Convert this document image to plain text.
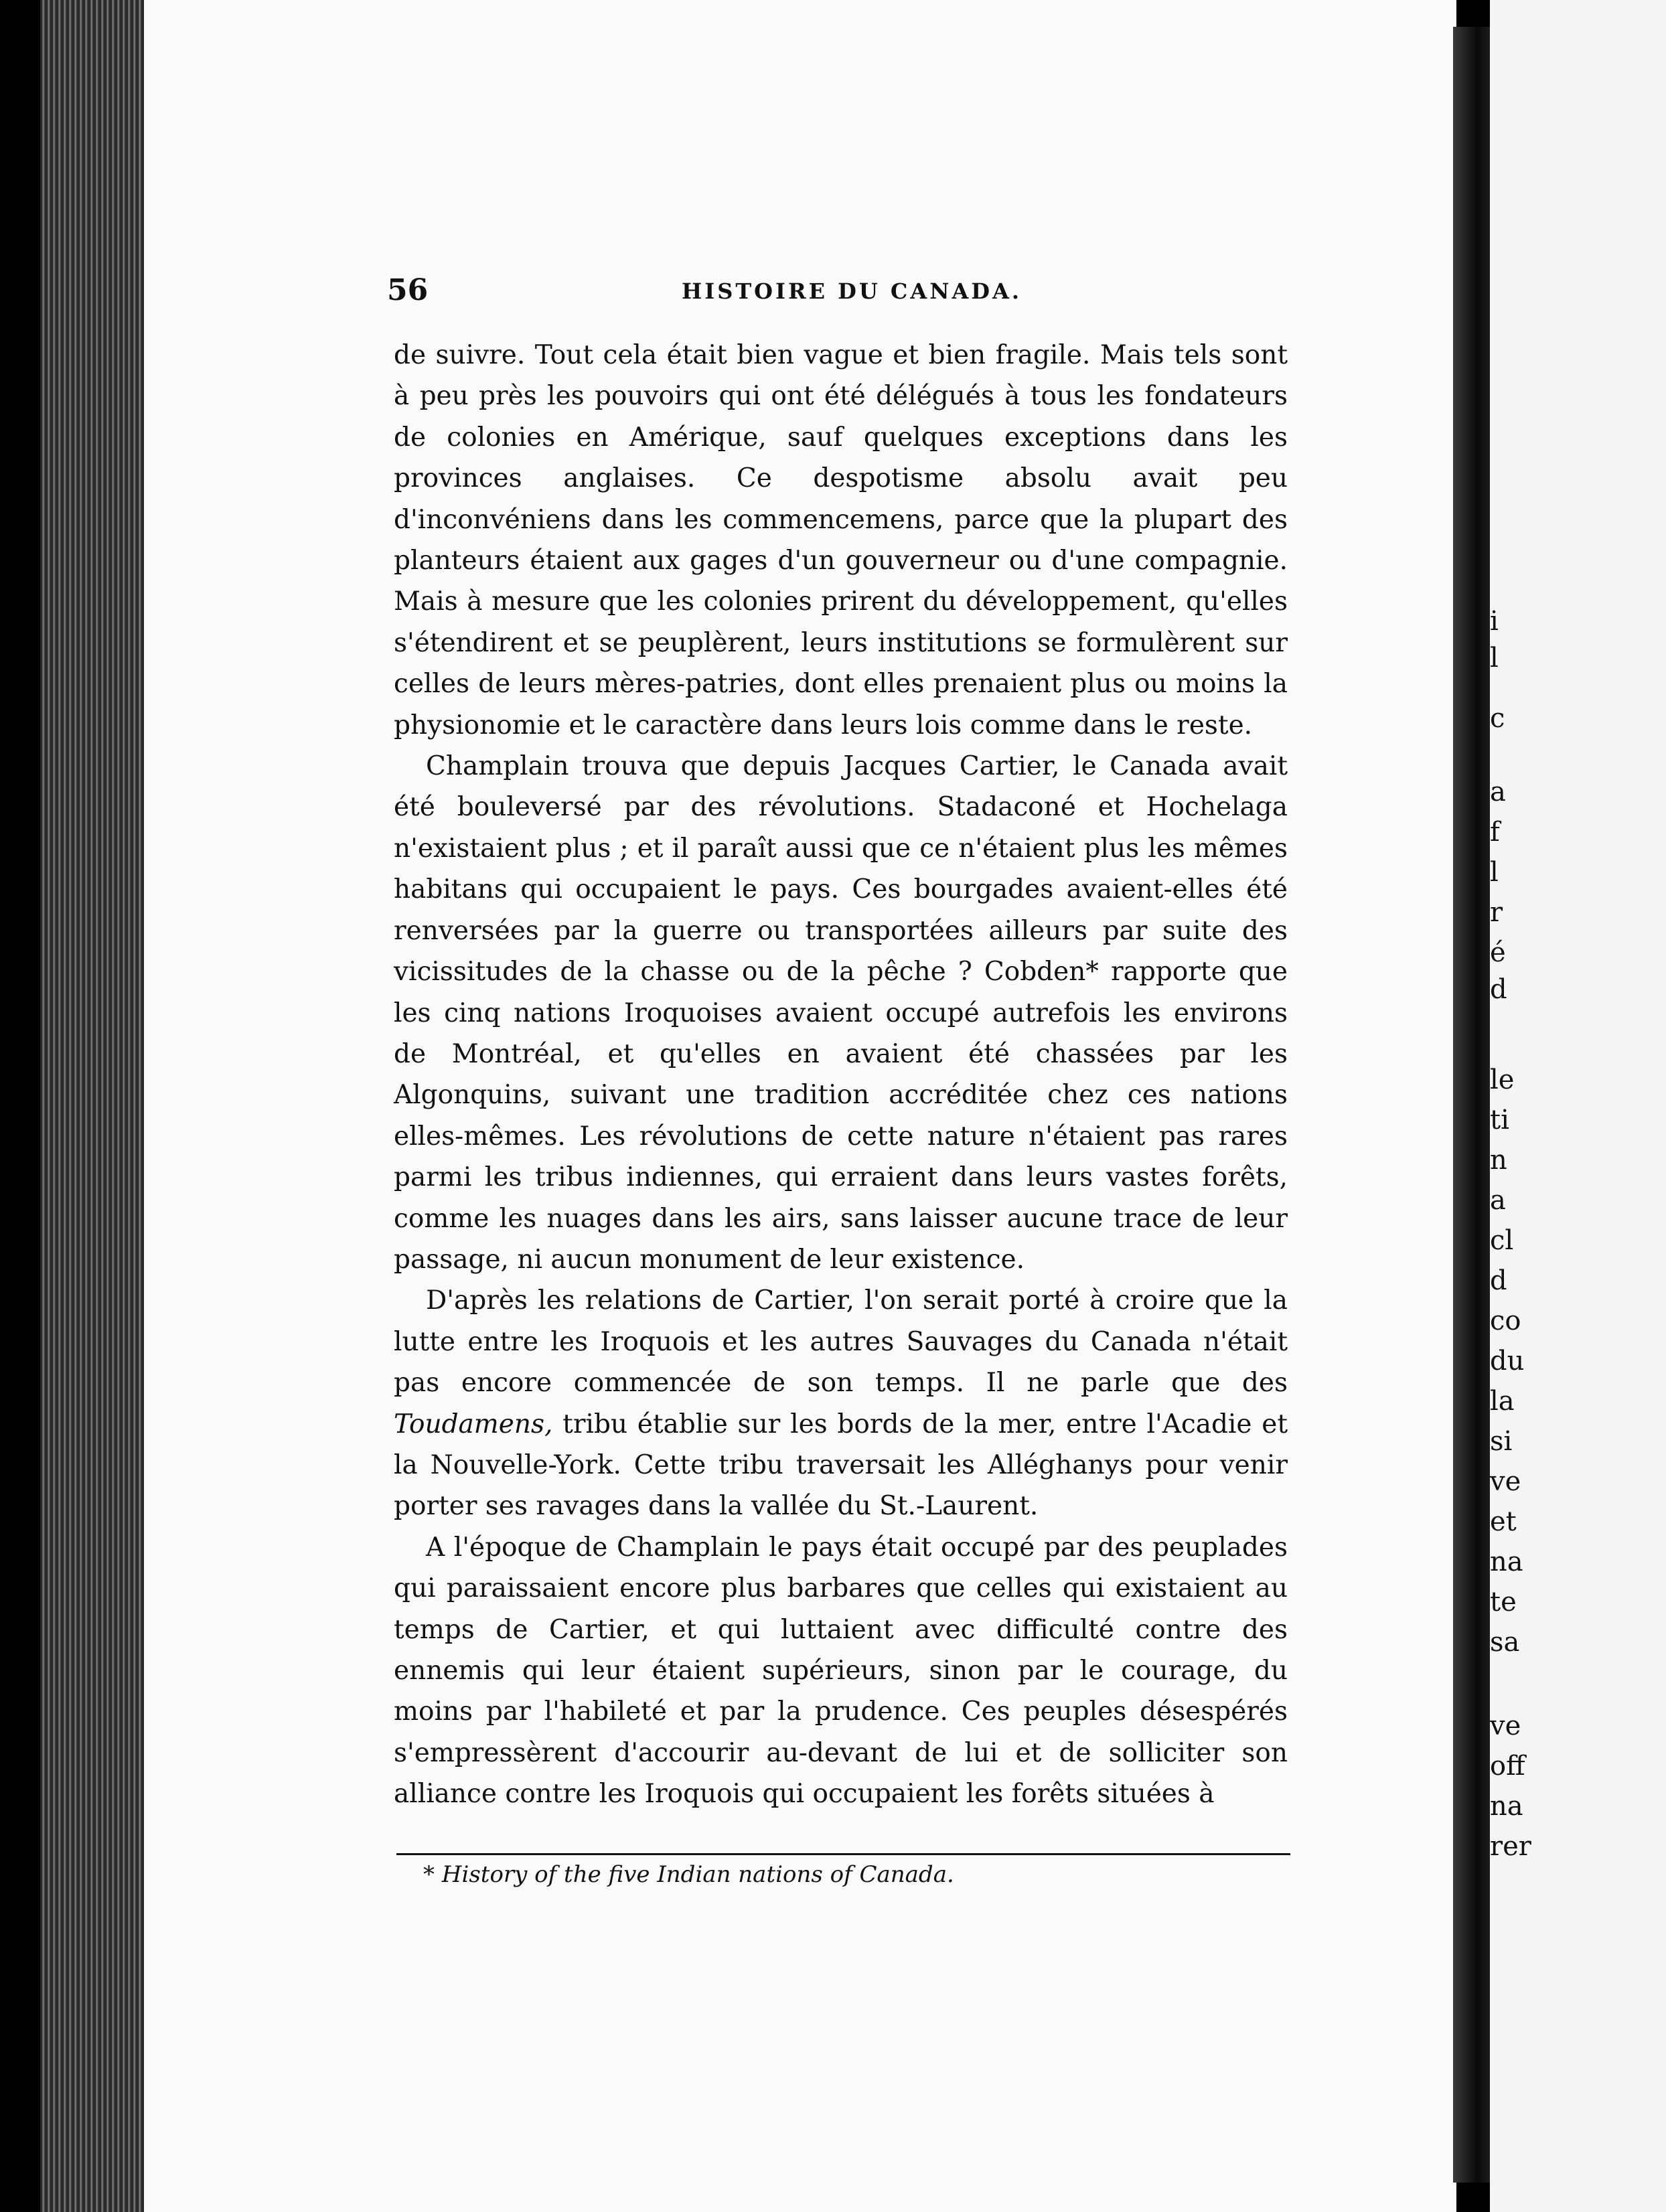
56	HISTOIRE DU CANADA.

de suivre. Tout cela était bien vague et bien fragile. Mais tels sont à peu près les pouvoirs qui ont été délégués à tous les fondateurs de colonies en Amérique, sauf quelques exceptions dans les provinces anglaises. Ce despotisme absolu avait peu d'inconvéniens dans les commencemens, parce que la plupart des planteurs étaient aux gages d'un gouverneur ou d'une compagnie. Mais à mesure que les colonies prirent du développement, qu'elles s'étendirent et se peuplèrent, leurs institutions se formulèrent sur celles de leurs mères-patries, dont elles prenaient plus ou moins la physionomie et le caractère dans leurs lois comme dans le reste.

Champlain trouva que depuis Jacques Cartier, le Canada avait été bouleversé par des révolutions. Stadaconé et Hochelaga n'existaient plus ; et il paraît aussi que ce n'étaient plus les mêmes habitans qui occupaient le pays. Ces bourgades avaient-elles été renversées par la guerre ou transportées ailleurs par suite des vicissitudes de la chasse ou de la pêche ? Cobden* rapporte que les cinq nations Iroquoises avaient occupé autrefois les environs de Montréal, et qu'elles en avaient été chassées par les Algonquins, suivant une tradition accréditée chez ces nations elles-mêmes. Les révolutions de cette nature n'étaient pas rares parmi les tribus indiennes, qui erraient dans leurs vastes forêts, comme les nuages dans les airs, sans laisser aucune trace de leur passage, ni aucun monument de leur existence.

D'après les relations de Cartier, l'on serait porté à croire que la lutte entre les Iroquois et les autres Sauvages du Canada n'était pas encore commencée de son temps. Il ne parle que des Toudamens, tribu établie sur les bords de la mer, entre l'Acadie et la Nouvelle-York. Cette tribu traversait les Alléghanys pour venir porter ses ravages dans la vallée du St.-Laurent.

A l'époque de Champlain le pays était occupé par des peuplades qui paraissaient encore plus barbares que celles qui existaient au temps de Cartier, et qui luttaient avec difficulté contre des ennemis qui leur étaient supérieurs, sinon par le courage, du moins par l'habileté et par la prudence. Ces peuples désespérés s'empressèrent d'accourir au-devant de lui et de solliciter son alliance contre les Iroquois qui occupaient les forêts situées à

* History of the five Indian nations of Canada.
i
l
c
a
f
l
r
é
d
le
ti
n
a
cl
d
co
du
la
si
ve
et
na
te
sa
ve
off
na
rer
